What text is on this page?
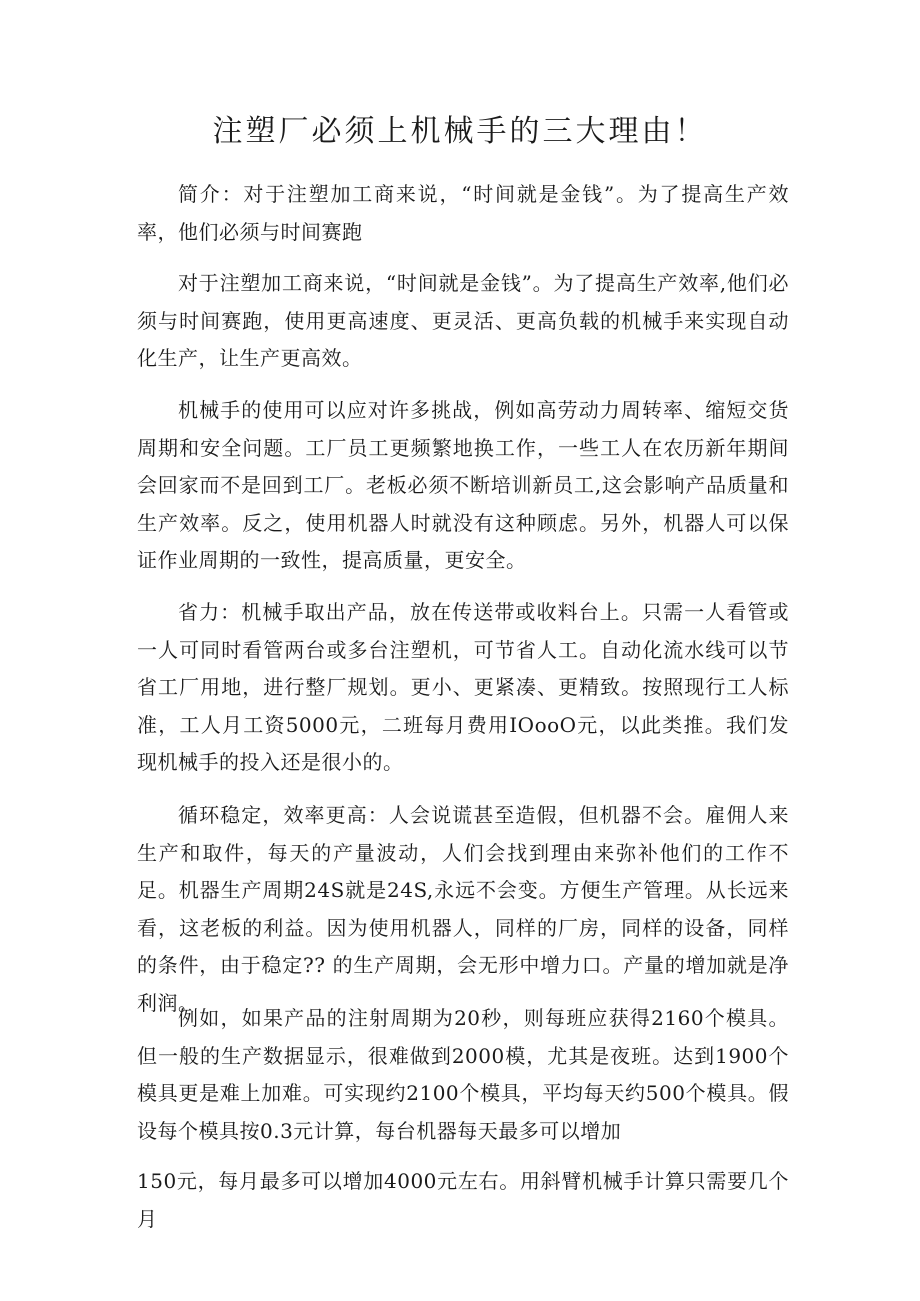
注塑厂必须上机械手的三大理由！

简介：对于注塑加工商来说，“时间就是金钱”。为了提高生产效率，他们必须与时间赛跑

对于注塑加工商来说，“时间就是金钱”。为了提高生产效率,他们必须与时间赛跑，使用更高速度、更灵活、更高负载的机械手来实现自动化生产，让生产更高效。

机械手的使用可以应对许多挑战，例如高劳动力周转率、缩短交货周期和安全问题。工厂员工更频繁地换工作，一些工人在农历新年期间会回家而不是回到工厂。老板必须不断培训新员工,这会影响产品质量和生产效率。反之，使用机器人时就没有这种顾虑。另外，机器人可以保证作业周期的一致性，提高质量，更安全。

省力：机械手取出产品，放在传送带或收料台上。只需一人看管或一人可同时看管两台或多台注塑机，可节省人工。自动化流水线可以节省工厂用地，进行整厂规划。更小、更紧凑、更精致。按照现行工人标准，工人月工资5000元，二班每月费用IOooO元，以此类推。我们发现机械手的投入还是很小的。

循环稳定，效率更高：人会说谎甚至造假，但机器不会。雇佣人来生产和取件，每天的产量波动，人们会找到理由来弥补他们的工作不足。机器生产周期24S就是24S,永远不会变。方便生产管理。从长远来看，这老板的利益。因为使用机器人，同样的厂房，同样的设备，同样的条件，由于稳定?? 的生产周期，会无形中增力口。产量的增加就是净利润。

例如，如果产品的注射周期为20秒，则每班应获得2160个模具。但一般的生产数据显示，很难做到2000模，尤其是夜班。达到1900个模具更是难上加难。可实现约2100个模具，平均每天约500个模具。假设每个模具按0.3元计算，每台机器每天最多可以增加

150元，每月最多可以增加4000元左右。用斜臂机械手计算只需要几个月
